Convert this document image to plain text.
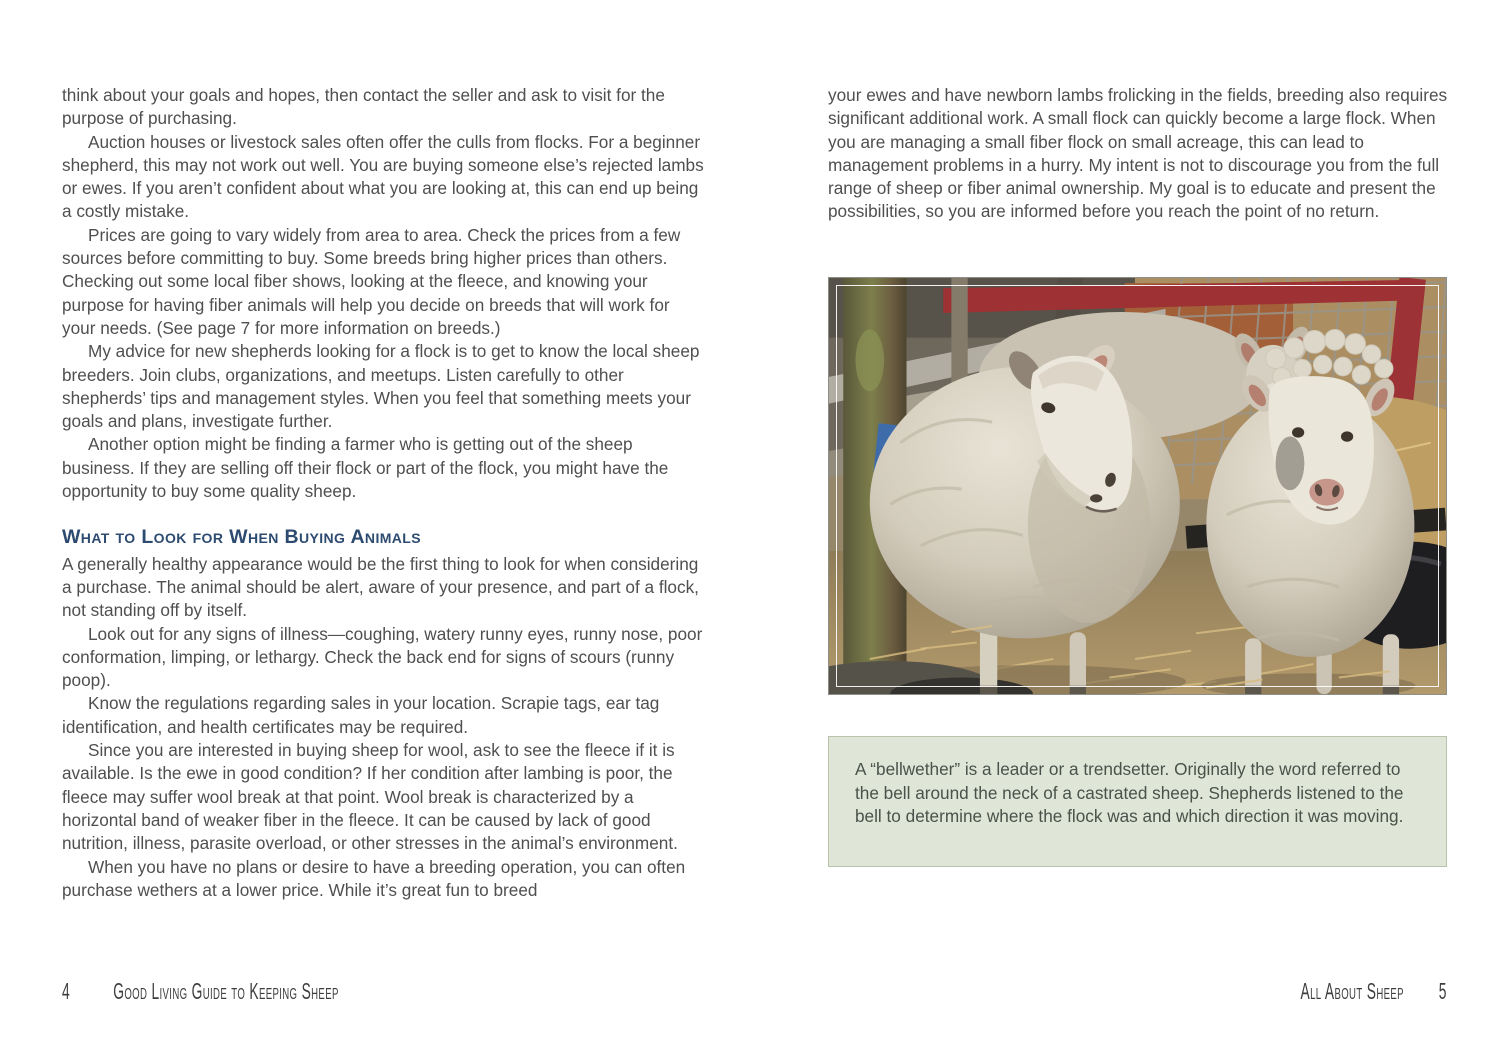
think about your goals and hopes, then contact the seller and ask to visit for the purpose of purchasing.

Auction houses or livestock sales often offer the culls from flocks. For a beginner shepherd, this may not work out well. You are buying someone else’s rejected lambs or ewes. If you aren’t confident about what you are looking at, this can end up being a costly mistake.

Prices are going to vary widely from area to area. Check the prices from a few sources before committing to buy. Some breeds bring higher prices than others. Checking out some local fiber shows, looking at the fleece, and knowing your purpose for having fiber animals will help you decide on breeds that will work for your needs. (See page 7 for more information on breeds.)

My advice for new shepherds looking for a flock is to get to know the local sheep breeders. Join clubs, organizations, and meetups. Listen carefully to other shepherds’ tips and management styles. When you feel that something meets your goals and plans, investigate further.

Another option might be finding a farmer who is getting out of the sheep business. If they are selling off their flock or part of the flock, you might have the opportunity to buy some quality sheep.

What to Look for When Buying Animals

A generally healthy appearance would be the first thing to look for when considering a purchase. The animal should be alert, aware of your presence, and part of a flock, not standing off by itself.

Look out for any signs of illness—coughing, watery runny eyes, runny nose, poor conformation, limping, or lethargy. Check the back end for signs of scours (runny poop).

Know the regulations regarding sales in your location. Scrapie tags, ear tag identification, and health certificates may be required.

Since you are interested in buying sheep for wool, ask to see the fleece if it is available. Is the ewe in good condition? If her condition after lambing is poor, the fleece may suffer wool break at that point. Wool break is characterized by a horizontal band of weaker fiber in the fleece. It can be caused by lack of good nutrition, illness, parasite overload, or other stresses in the animal’s environment.

When you have no plans or desire to have a breeding operation, you can often purchase wethers at a lower price. While it’s great fun to breed

your ewes and have newborn lambs frolicking in the fields, breeding also requires significant additional work. A small flock can quickly become a large flock. When you are managing a small fiber flock on small acreage, this can lead to management problems in a hurry. My intent is not to discourage you from the full range of sheep or fiber animal ownership. My goal is to educate and present the possibilities, so you are informed before you reach the point of no return.

A “bellwether” is a leader or a trendsetter. Originally the word referred to the bell around the neck of a castrated sheep. Shepherds listened to the bell to determine where the flock was and which direction it was moving.
4 Good Living Guide to Keeping Sheep	All About Sheep 5
